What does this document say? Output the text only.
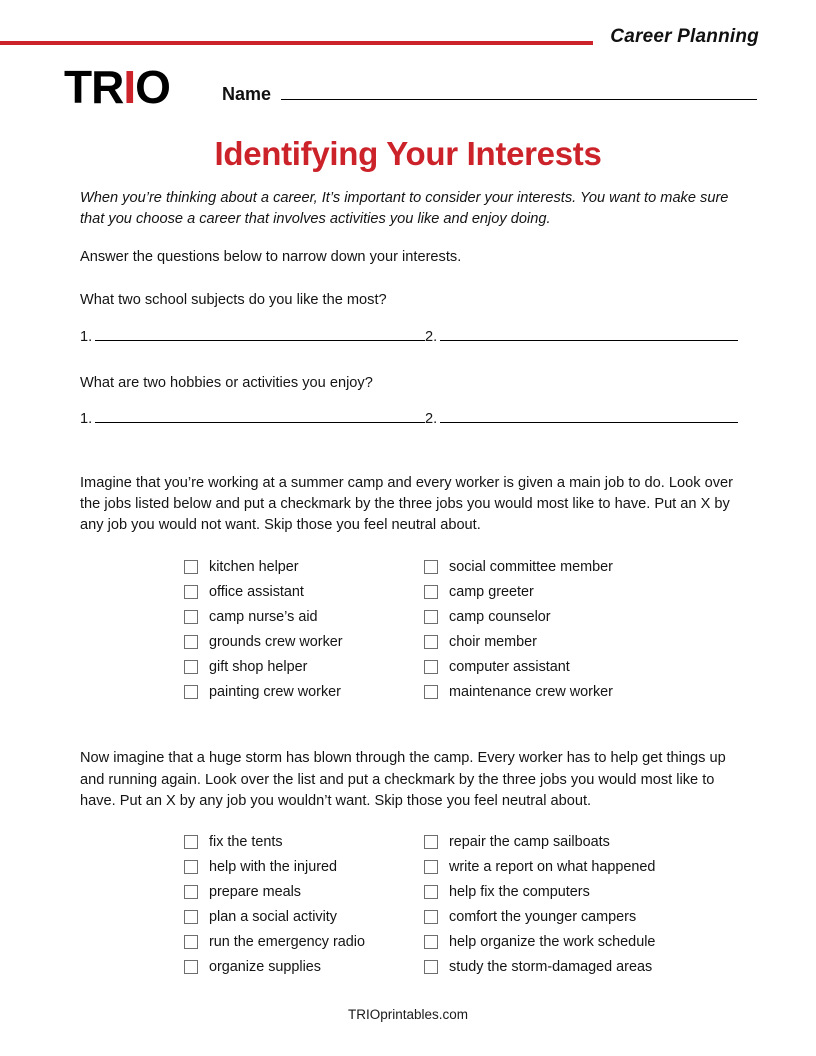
Career Planning
TRIO	Name
Identifying Your Interests

When you’re thinking about a career, It’s important to consider your interests. You want to make sure that you choose a career that involves activities you like and enjoy doing.

Answer the questions below to narrow down your interests.

What two school subjects do you like the most?

1.	2.

What are two hobbies or activities you enjoy?

1.	2.

Imagine that you’re working at a summer camp and every worker is given a main job to do. Look over the jobs listed below and put a checkmark by the three jobs you would most like to have. Put an X by any job you would not want. Skip those you feel neutral about.

kitchen helper
office assistant
camp nurse’s aid
grounds crew worker
gift shop helper
painting crew worker
social committee member
camp greeter
camp counselor
choir member
computer assistant
maintenance crew worker

Now imagine that a huge storm has blown through the camp. Every worker has to help get things up and running again. Look over the list and put a checkmark by the three jobs you would most like to have. Put an X by any job you wouldn’t want. Skip those you feel neutral about.

fix the tents
help with the injured
prepare meals
plan a social activity
run the emergency radio
organize supplies
repair the camp sailboats
write a report on what happened
help fix the computers
comfort the younger campers
help organize the work schedule
study the storm-damaged areas
TRIOprintables.com
